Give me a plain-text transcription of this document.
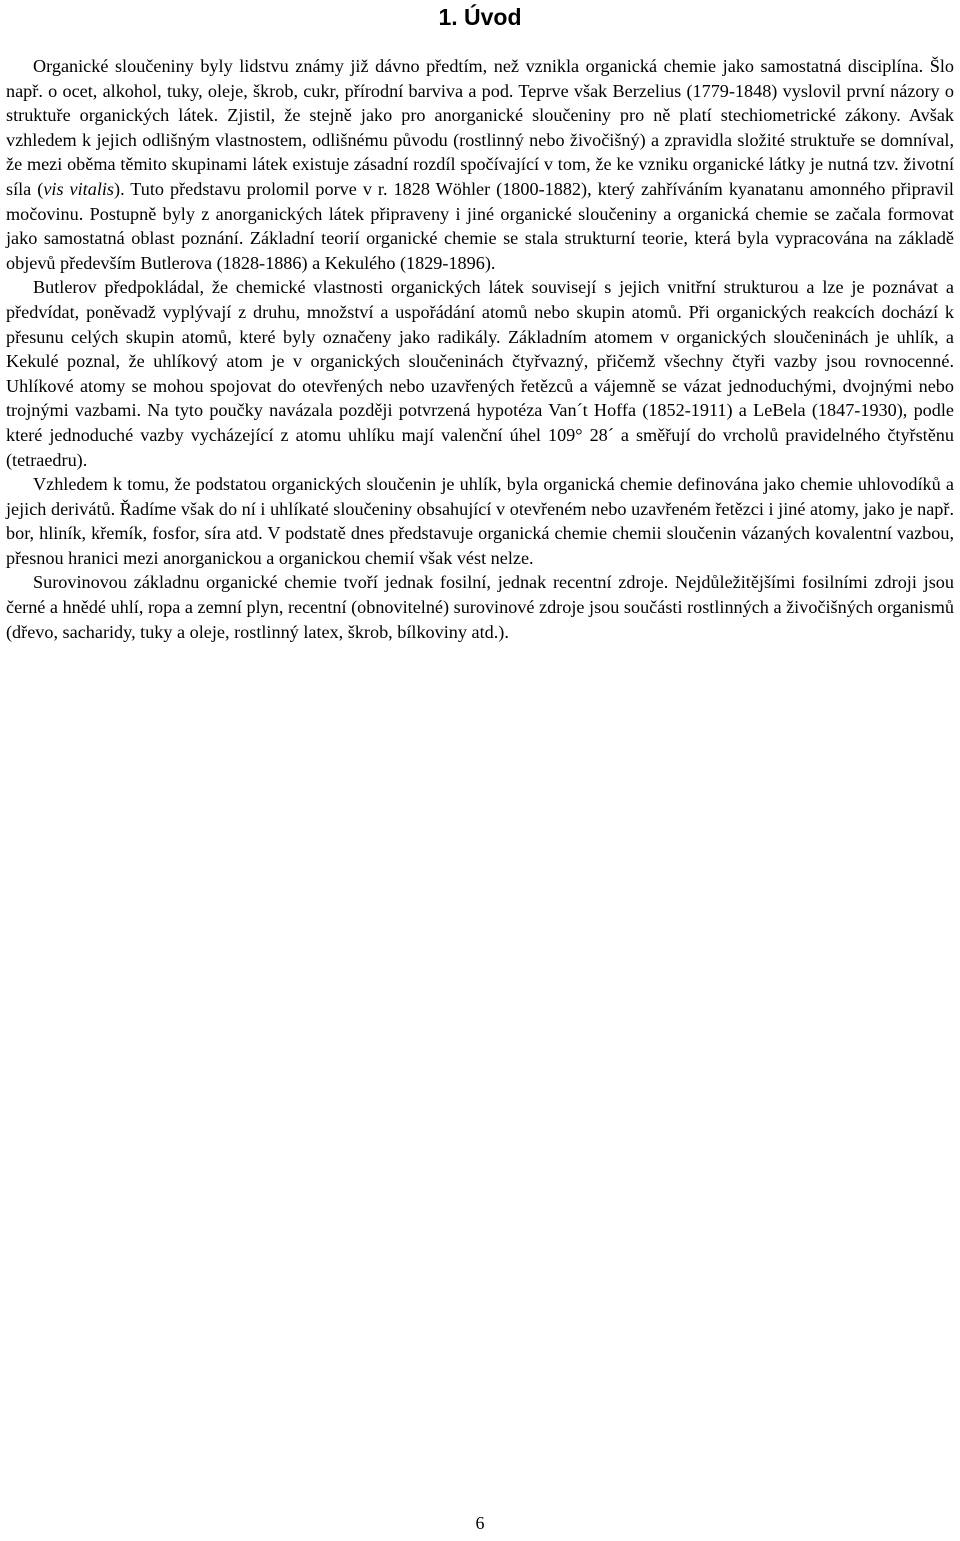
1. Úvod

Organické sloučeniny byly lidstvu známy již dávno předtím, než vznikla organická chemie jako samostatná disciplína. Šlo např. o ocet, alkohol, tuky, oleje, škrob, cukr, přírodní barviva a pod. Teprve však Berzelius (1779-1848) vyslovil první názory o struktuře organických látek. Zjistil, že stejně jako pro anorganické sloučeniny pro ně platí stechiometrické zákony. Avšak vzhledem k jejich odlišným vlastnostem, odlišnému původu (rostlinný nebo živočišný) a zpravidla složité struktuře se domníval, že mezi oběma těmito skupinami látek existuje zásadní rozdíl spočívající v tom, že ke vzniku organické látky je nutná tzv. životní síla (vis vitalis). Tuto představu prolomil porve v r. 1828 Wöhler (1800-1882), který zahříváním kyanatanu amonného připravil močovinu. Postupně byly z anorganických látek připraveny i jiné organické sloučeniny a organická chemie se začala formovat jako samostatná oblast poznání. Základní teorií organické chemie se stala strukturní teorie, která byla vypracována na základě objevů především Butlerova (1828-1886) a Kekulého (1829-1896).

Butlerov předpokládal, že chemické vlastnosti organických látek souvisejí s jejich vnitřní strukturou a lze je poznávat a předvídat, poněvadž vyplývají z druhu, množství a uspořádání atomů nebo skupin atomů. Při organických reakcích dochází k přesunu celých skupin atomů, které byly označeny jako radikály. Základním atomem v organických sloučeninách je uhlík, a Kekulé poznal, že uhlíkový atom je v organických sloučeninách čtyřvazný, přičemž všechny čtyři vazby jsou rovnocenné. Uhlíkové atomy se mohou spojovat do otevřených nebo uzavřených řetězců a vájemně se vázat jednoduchými, dvojnými nebo trojnými vazbami. Na tyto poučky navázala později potvrzená hypotéza Van´t Hoffa (1852-1911) a LeBela (1847-1930), podle které jednoduché vazby vycházející z atomu uhlíku mají valenční úhel 109° 28´ a směřují do vrcholů pravidelného čtyřstěnu (tetraedru).

Vzhledem k tomu, že podstatou organických sloučenin je uhlík, byla organická chemie definována jako chemie uhlovodíků a jejich derivátů. Řadíme však do ní i uhlíkaté sloučeniny obsahující v otevřeném nebo uzavřeném řetězci i jiné atomy, jako je např. bor, hliník, křemík, fosfor, síra atd. V podstatě dnes představuje organická chemie chemii sloučenin vázaných kovalentní vazbou, přesnou hranici mezi anorganickou a organickou chemií však vést nelze.

Surovinovou základnu organické chemie tvoří jednak fosilní, jednak recentní zdroje. Nejdůležitějšími fosilními zdroji jsou černé a hnědé uhlí, ropa a zemní plyn, recentní (obnovitelné) surovinové zdroje jsou součásti rostlinných a živočišných organismů (dřevo, sacharidy, tuky a oleje, rostlinný latex, škrob, bílkoviny atd.).

6
